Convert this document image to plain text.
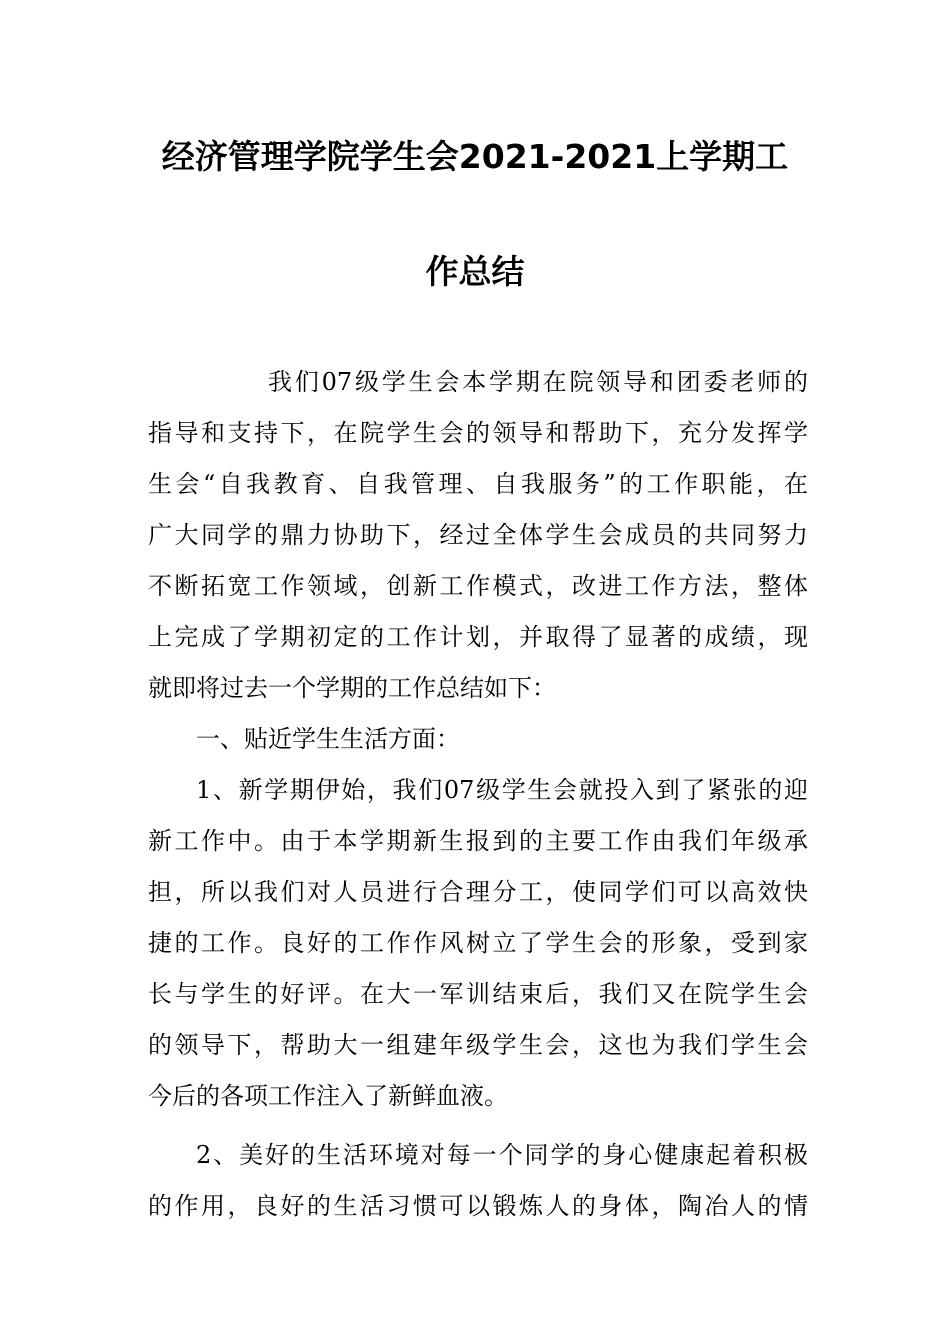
经济管理学院学生会2021-2021上学期工
作总结
我们07级学生会本学期在院领导和团委老师的
指导和支持下，在院学生会的领导和帮助下，充分发挥学
生会“自我教育、自我管理、自我服务”的工作职能，在
广大同学的鼎力协助下，经过全体学生会成员的共同努力
不断拓宽工作领域，创新工作模式，改进工作方法，整体
上完成了学期初定的工作计划，并取得了显著的成绩，现
就即将过去一个学期的工作总结如下：
一、贴近学生生活方面：
1、新学期伊始，我们07级学生会就投入到了紧张的迎
新工作中。由于本学期新生报到的主要工作由我们年级承
担，所以我们对人员进行合理分工，使同学们可以高效快
捷的工作。良好的工作作风树立了学生会的形象，受到家
长与学生的好评。在大一军训结束后，我们又在院学生会
的领导下，帮助大一组建年级学生会，这也为我们学生会
今后的各项工作注入了新鲜血液。
2、美好的生活环境对每一个同学的身心健康起着积极
的作用，良好的生活习惯可以锻炼人的身体，陶冶人的情
